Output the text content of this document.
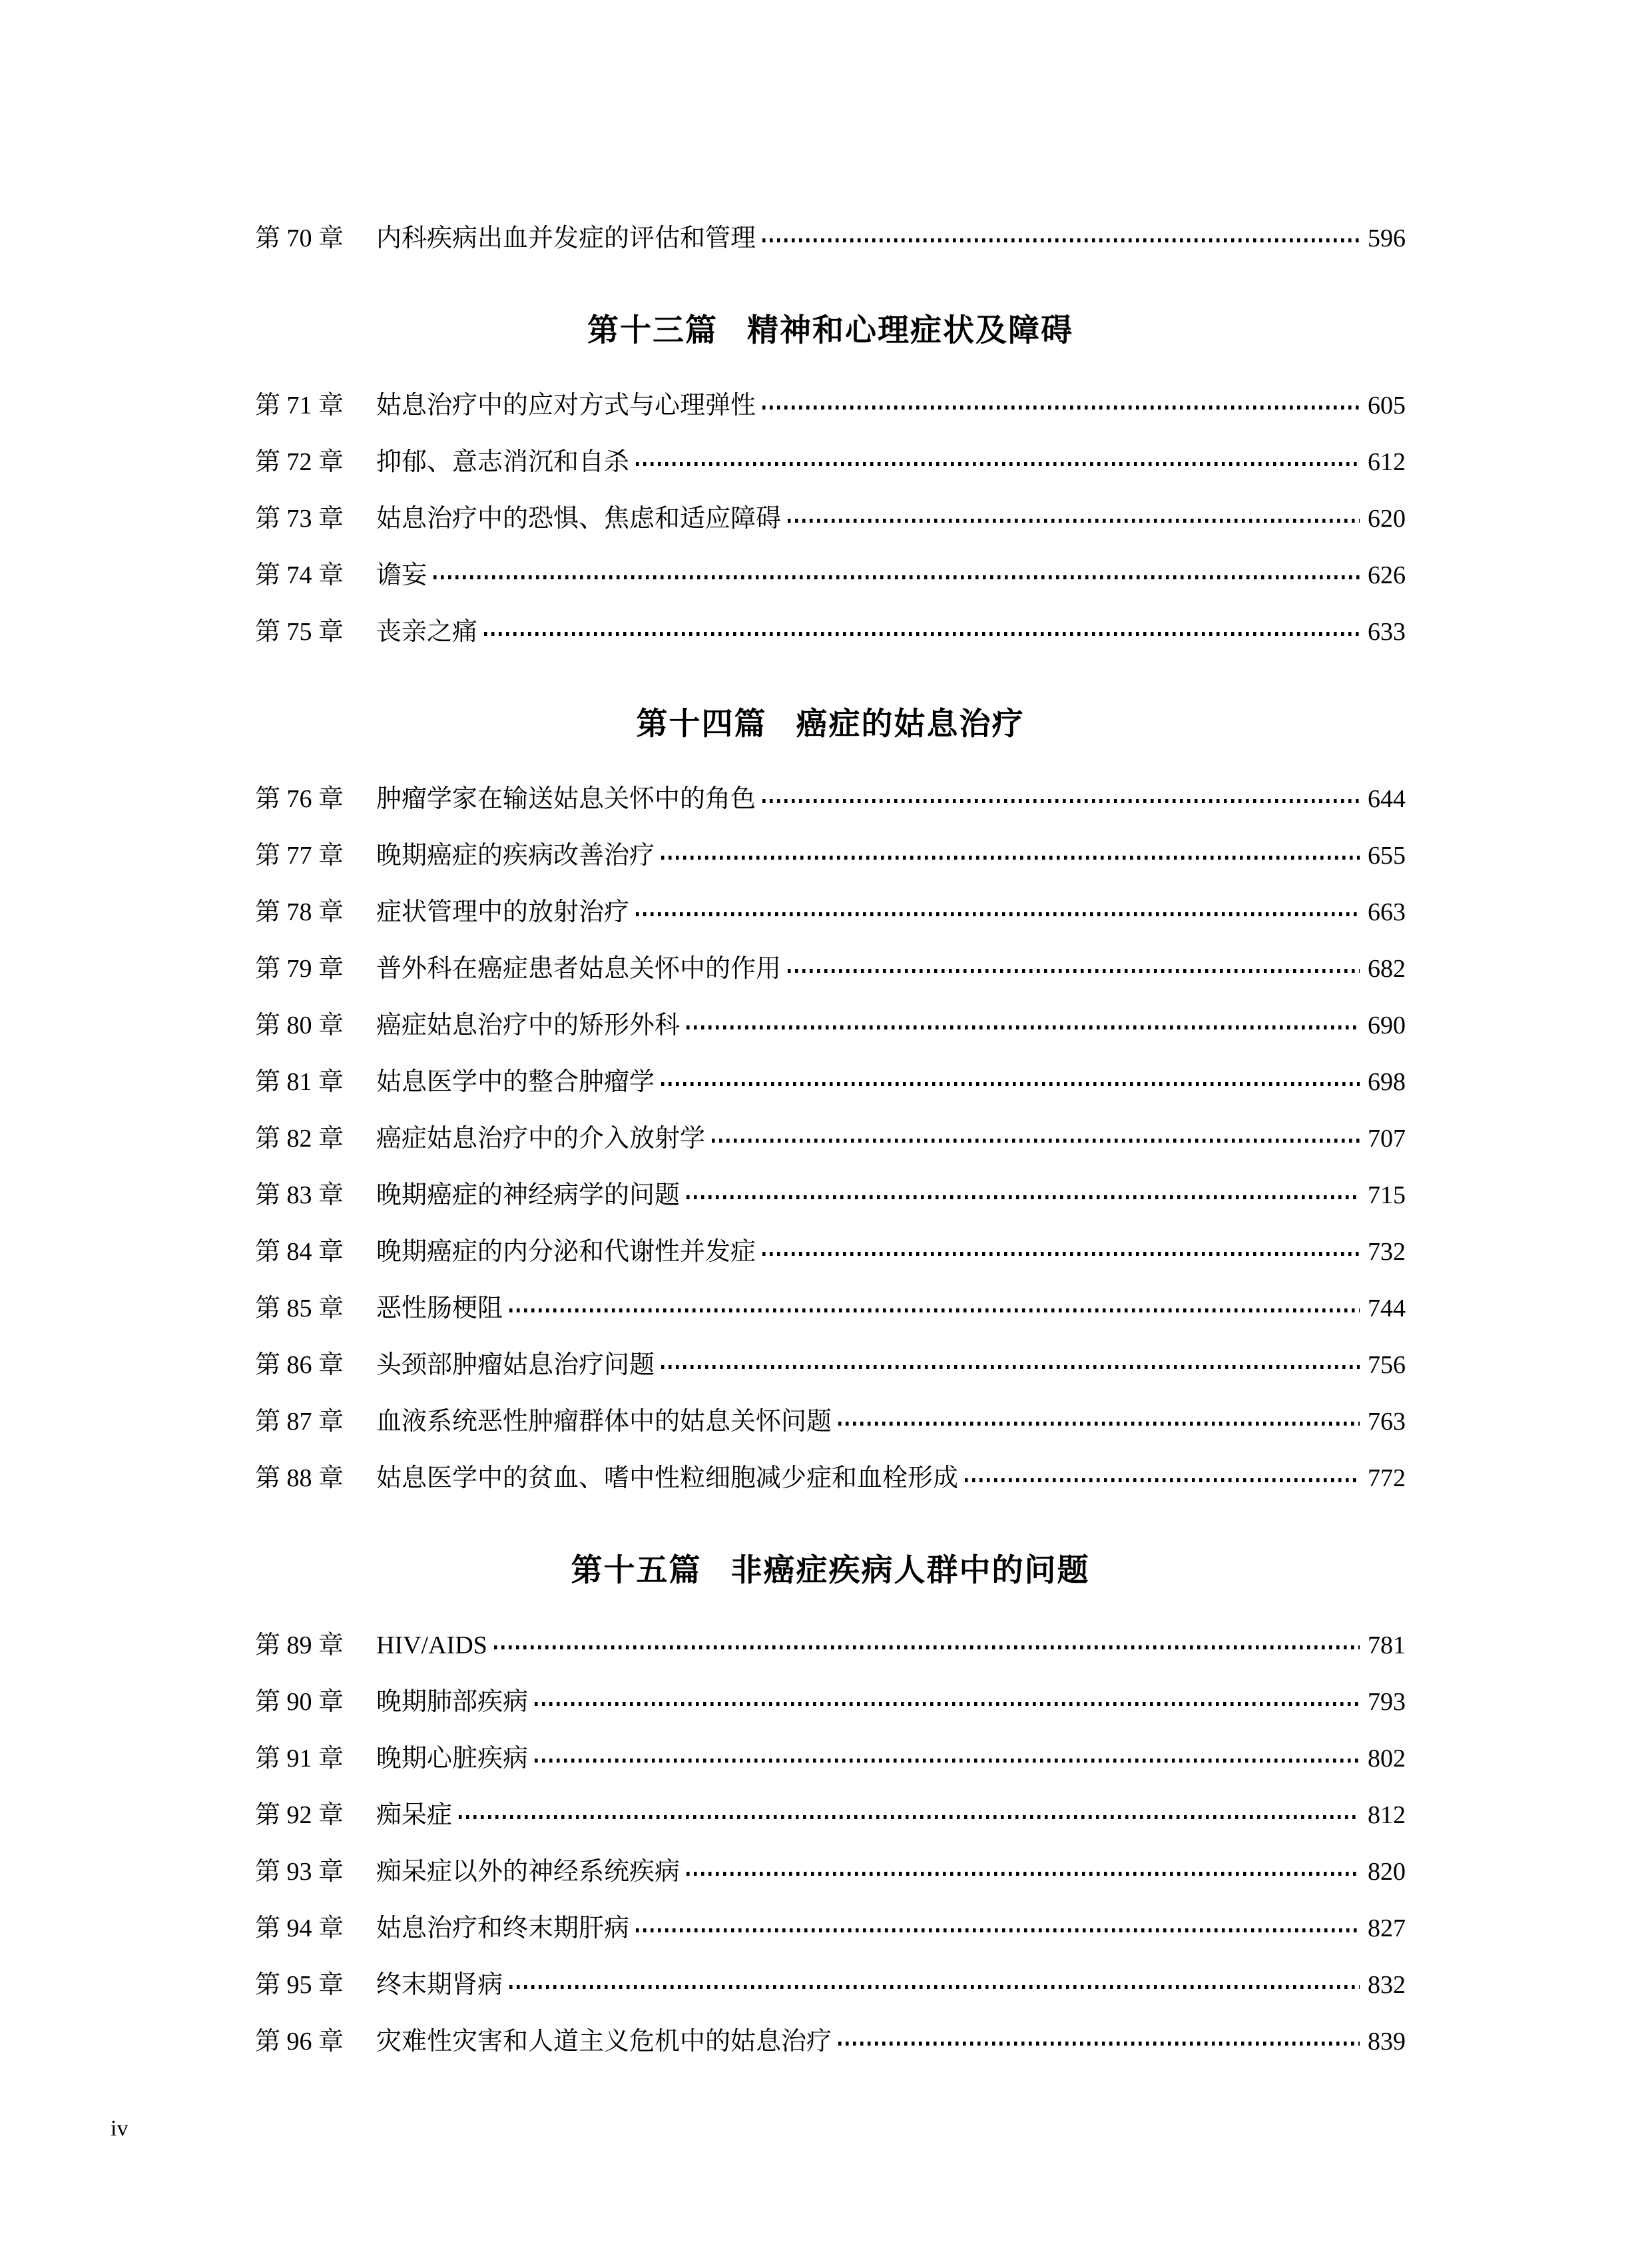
第 70 章	内科疾病出血并发症的评估和管理	596
第十三篇 精神和心理症状及障碍
第 71 章	姑息治疗中的应对方式与心理弹性	605
第 72 章	抑郁、意志消沉和自杀	612
第 73 章	姑息治疗中的恐惧、焦虑和适应障碍	620
第 74 章	谵妄	626
第 75 章	丧亲之痛	633
第十四篇 癌症的姑息治疗
第 76 章	肿瘤学家在输送姑息关怀中的角色	644
第 77 章	晚期癌症的疾病改善治疗	655
第 78 章	症状管理中的放射治疗	663
第 79 章	普外科在癌症患者姑息关怀中的作用	682
第 80 章	癌症姑息治疗中的矫形外科	690
第 81 章	姑息医学中的整合肿瘤学	698
第 82 章	癌症姑息治疗中的介入放射学	707
第 83 章	晚期癌症的神经病学的问题	715
第 84 章	晚期癌症的内分泌和代谢性并发症	732
第 85 章	恶性肠梗阻	744
第 86 章	头颈部肿瘤姑息治疗问题	756
第 87 章	血液系统恶性肿瘤群体中的姑息关怀问题	763
第 88 章	姑息医学中的贫血、嗜中性粒细胞减少症和血栓形成	772
第十五篇 非癌症疾病人群中的问题
第 89 章	HIV/AIDS	781
第 90 章	晚期肺部疾病	793
第 91 章	晚期心脏疾病	802
第 92 章	痴呆症	812
第 93 章	痴呆症以外的神经系统疾病	820
第 94 章	姑息治疗和终末期肝病	827
第 95 章	终末期肾病	832
第 96 章	灾难性灾害和人道主义危机中的姑息治疗	839
iv
